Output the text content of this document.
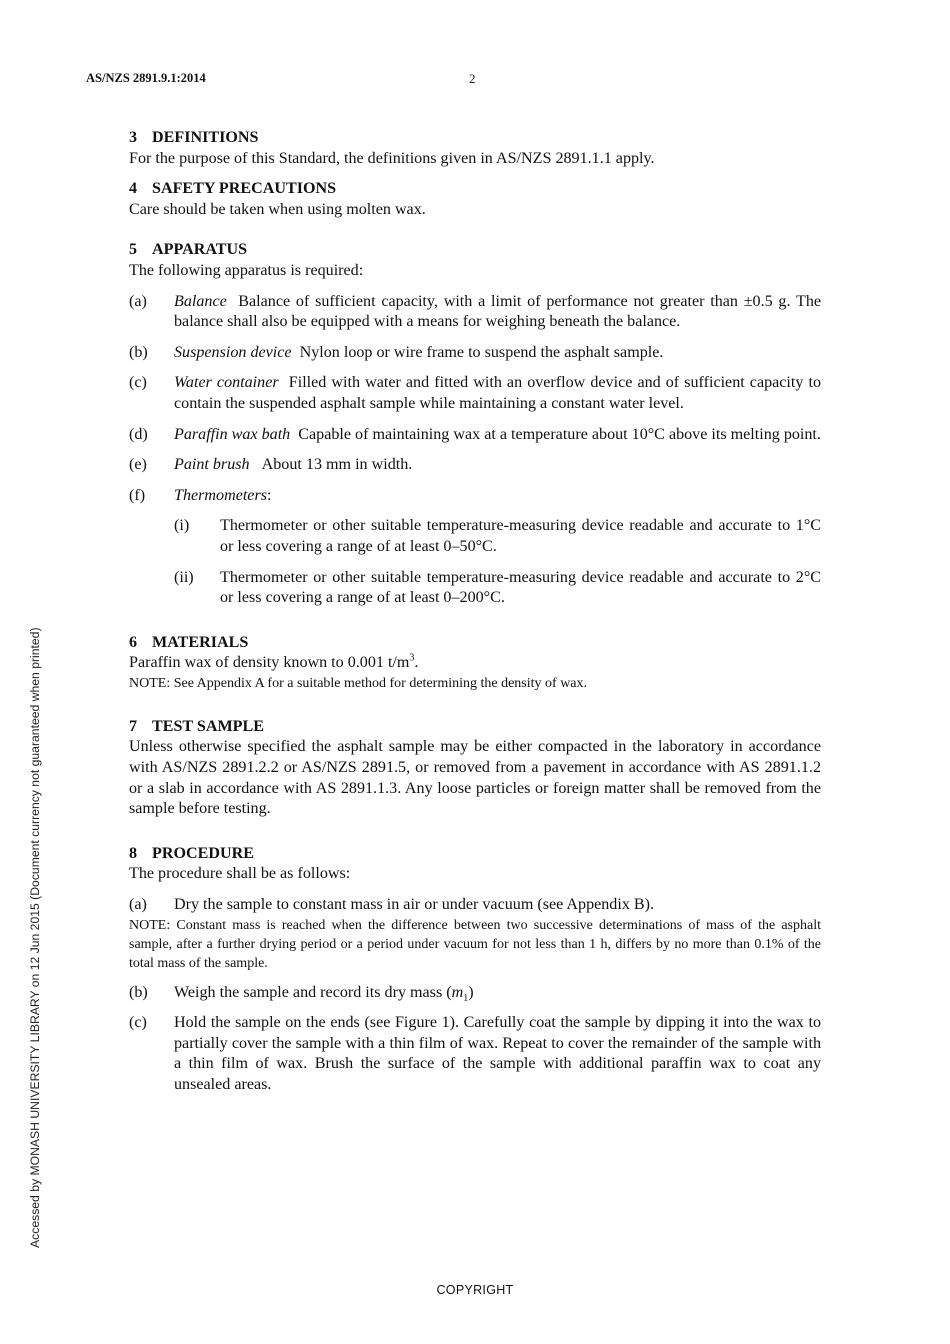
AS/NZS 2891.9.1:2014	2
3 DEFINITIONS

For the purpose of this Standard, the definitions given in AS/NZS 2891.1.1 apply.

4 SAFETY PRECAUTIONS

Care should be taken when using molten wax.

5 APPARATUS

The following apparatus is required:

(a)	Balance Balance of sufficient capacity, with a limit of performance not greater than ±0.5 g. The balance shall also be equipped with a means for weighing beneath the balance.
(b)	Suspension device Nylon loop or wire frame to suspend the asphalt sample.
(c)	Water container Filled with water and fitted with an overflow device and of sufficient capacity to contain the suspended asphalt sample while maintaining a constant water level.
(d)	Paraffin wax bath Capable of maintaining wax at a temperature about 10°C above its melting point.
(e)	Paint brush About 13 mm in width.
(f)	Thermometers:
(i)	Thermometer or other suitable temperature-measuring device readable and accurate to 1°C or less covering a range of at least 0–50°C.
(ii)	Thermometer or other suitable temperature-measuring device readable and accurate to 2°C or less covering a range of at least 0–200°C.
6 MATERIALS

Paraffin wax of density known to 0.001 $t/m^3$.

NOTE: See Appendix A for a suitable method for determining the density of wax.

7 TEST SAMPLE

Unless otherwise specified the asphalt sample may be either compacted in the laboratory in accordance with AS/NZS 2891.2.2 or AS/NZS 2891.5, or removed from a pavement in accordance with AS 2891.1.2 or a slab in accordance with AS 2891.1.3. Any loose particles or foreign matter shall be removed from the sample before testing.

8 PROCEDURE

The procedure shall be as follows:

(a)	Dry the sample to constant mass in air or under vacuum (see Appendix B).

NOTE: Constant mass is reached when the difference between two successive determinations of mass of the asphalt sample, after a further drying period or a period under vacuum for not less than 1 h, differs by no more than 0.1% of the total mass of the sample.

(b)	Weigh the sample and record its dry mass $(m_1)$
(c)	Hold the sample on the ends (see Figure 1). Carefully coat the sample by dipping it into the wax to partially cover the sample with a thin film of wax. Repeat to cover the remainder of the sample with a thin film of wax. Brush the surface of the sample with additional paraffin wax to coat any unsealed areas.
Accessed by MONASH UNIVERSITY LIBRARY on 12 Jun 2015 (Document currency not guaranteed when printed)
COPYRIGHT
